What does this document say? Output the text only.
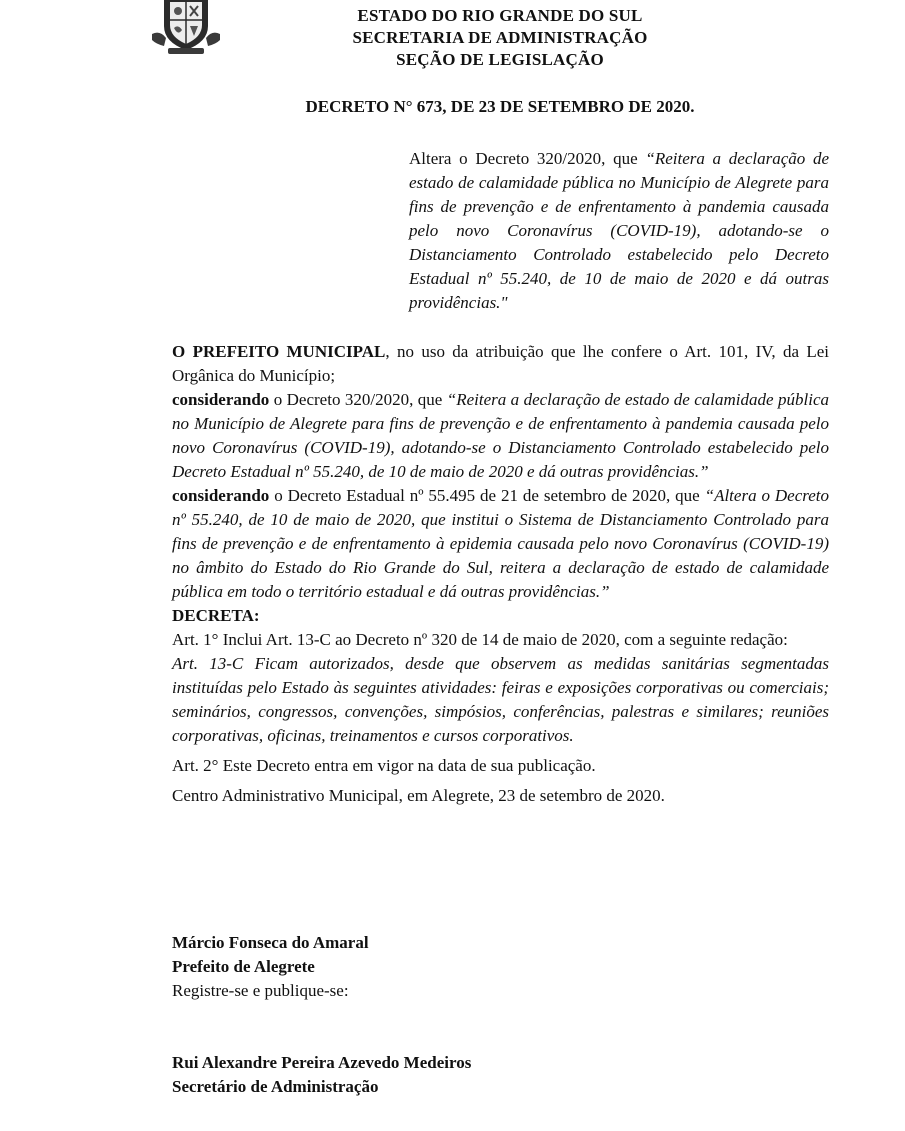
ESTADO DO RIO GRANDE DO SUL
SECRETARIA DE ADMINISTRAÇÃO
SEÇÃO DE LEGISLAÇÃO
DECRETO N° 673, DE 23 DE SETEMBRO DE 2020.
Altera o Decreto 320/2020, que “Reitera a declaração de estado de calamidade pública no Município de Alegrete para fins de prevenção e de enfrentamento à pandemia causada pelo novo Coronavírus (COVID-19), adotando-se o Distanciamento Controlado estabelecido pelo Decreto Estadual nº 55.240, de 10 de maio de 2020 e dá outras providências."

O PREFEITO MUNICIPAL, no uso da atribuição que lhe confere o Art. 101, IV, da Lei Orgânica do Município;

considerando o Decreto 320/2020, que “Reitera a declaração de estado de calamidade pública no Município de Alegrete para fins de prevenção e de enfrentamento à pandemia causada pelo novo Coronavírus (COVID-19), adotando-se o Distanciamento Controlado estabelecido pelo Decreto Estadual nº 55.240, de 10 de maio de 2020 e dá outras providências.”

considerando o Decreto Estadual nº 55.495 de 21 de setembro de 2020, que “Altera o Decreto nº 55.240, de 10 de maio de 2020, que institui o Sistema de Distanciamento Controlado para fins de prevenção e de enfrentamento à epidemia causada pelo novo Coronavírus (COVID-19) no âmbito do Estado do Rio Grande do Sul, reitera a declaração de estado de calamidade pública em todo o território estadual e dá outras providências.”

DECRETA:

Art. 1° Inclui Art. 13-C ao Decreto nº 320 de 14 de maio de 2020, com a seguinte redação:

Art. 13-C Ficam autorizados, desde que observem as medidas sanitárias segmentadas instituídas pelo Estado às seguintes atividades: feiras e exposições corporativas ou comerciais; seminários, congressos, convenções, simpósios, conferências, palestras e similares; reuniões corporativas, oficinas, treinamentos e cursos corporativos.

Art. 2° Este Decreto entra em vigor na data de sua publicação.

Centro Administrativo Municipal, em Alegrete, 23 de setembro de 2020.

Márcio Fonseca do Amaral
Prefeito de Alegrete
Registre-se e publique-se:
Rui Alexandre Pereira Azevedo Medeiros
Secretário de Administração
